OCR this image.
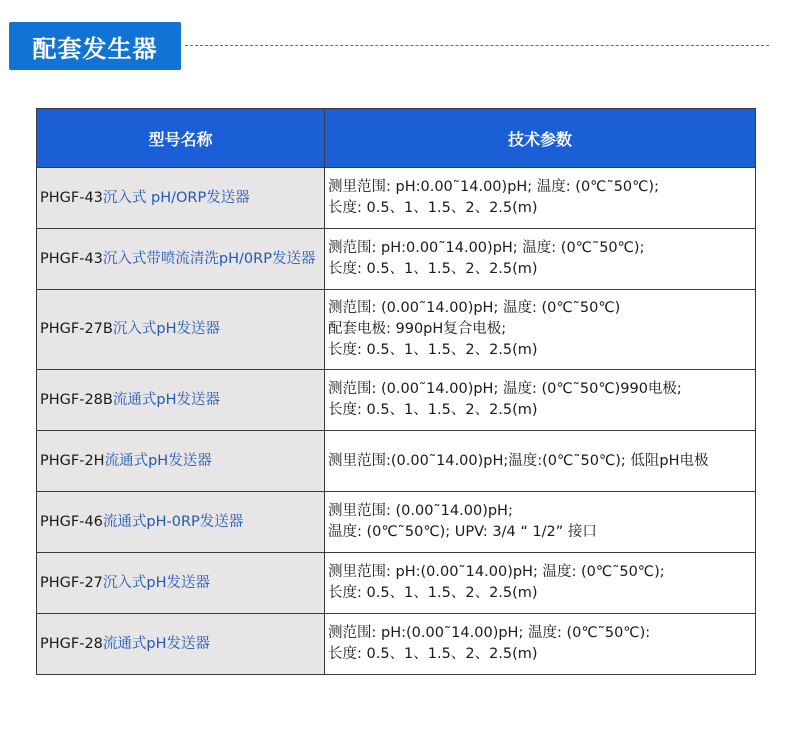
配套发生器
型号名称	技术参数
PHGF-43沉入式 pH/ORP发送器	测里范围: pH:0.00˜14.00)pH; 温度: (0℃˜50℃);
长度: 0.5、1、1.5、2、2.5(m)

PHGF-43沉入式带喷流清洗pH/0RP发送器	测范围: pH:0.00˜14.00)pH; 温度: (0℃˜50℃);
长度: 0.5、1、1.5、2、2.5(m)

PHGF-27B沉入式pH发送器	测范围: (0.00˜14.00)pH; 温度: (0℃˜50℃)
配套电极: 990pH复合电极;
长度: 0.5、1、1.5、2、2.5(m)

PHGF-28B流通式pH发送器	测范围: (0.00˜14.00)pH; 温度: (0℃˜50℃)990电极;
长度: 0.5、1、1.5、2、2.5(m)

PHGF-2H流通式pH发送器	测里范围:(0.00˜14.00)pH;温度:(0℃˜50℃); 低阻pH电极

PHGF-46流通式pH-0RP发送器	测里范围: (0.00˜14.00)pH;
温度: (0℃˜50℃); UPV: 3/4 “ 1/2” 接口

PHGF-27沉入式pH发送器	测里范围: pH:(0.00˜14.00)pH; 温度: (0℃˜50℃);
长度: 0.5、1、1.5、2、2.5(m)

PHGF-28流通式pH发送器	测范围: pH:(0.00˜14.00)pH; 温度: (0℃˜50℃):
长度: 0.5、1、1.5、2、2.5(m)
